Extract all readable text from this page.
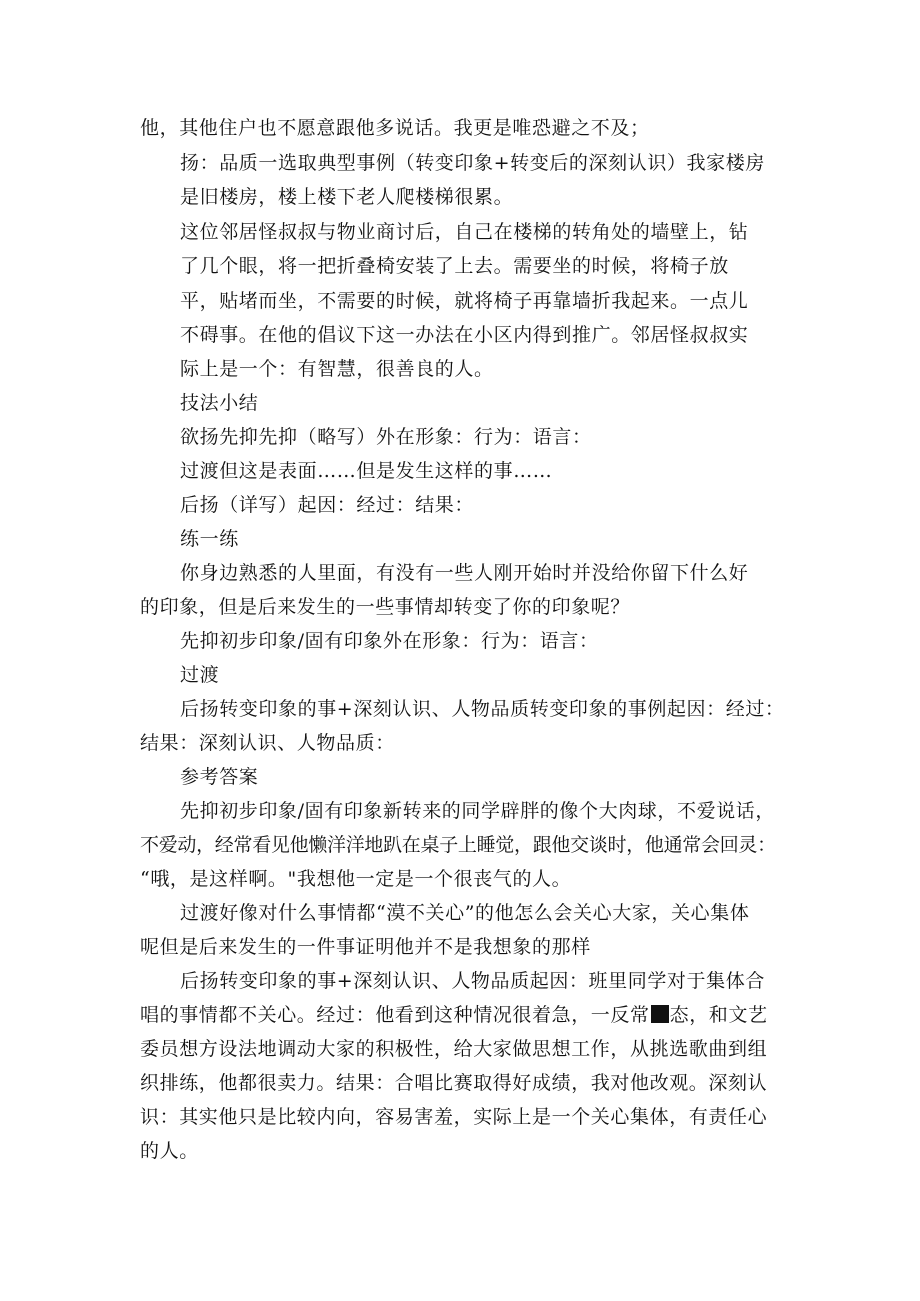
他，其他住户也不愿意跟他多说话。我更是唯恐避之不及；
扬：品质一选取典型事例（转变印象+转变后的深刻认识）我家楼房
是旧楼房，楼上楼下老人爬楼梯很累。
这位邻居怪叔叔与物业商讨后，自己在楼梯的转角处的墙壁上，钻
了几个眼，将一把折叠椅安装了上去。需要坐的时候，将椅子放
平，贴堵而坐，不需要的时候，就将椅子再靠墙折我起来。一点儿
不碍事。在他的倡议下这一办法在小区内得到推广。邻居怪叔叔实
际上是一个：有智慧，很善良的人。
技法小结
欲扬先抑先抑（略写）外在形象：行为：语言：
过渡但这是表面……但是发生这样的事……
后扬（详写）起因：经过：结果：
练一练
你身边熟悉的人里面，有没有一些人刚开始时并没给你留下什么好
的印象，但是后来发生的一些事情却转变了你的印象呢？
先抑初步印象/固有印象外在形象：行为：语言：
过渡
后扬转变印象的事+深刻认识、人物品质转变印象的事例起因：经过：
结果：深刻认识、人物品质：
参考答案
先抑初步印象/固有印象新转来的同学辟胖的像个大肉球，不爱说话，
不爱动，经常看见他懒洋洋地趴在桌子上睡觉，跟他交谈时，他通常会回灵：
“哦，是这样啊。"我想他一定是一个很丧气的人。
过渡好像对什么事情都“漠不关心”的他怎么会关心大家，关心集体
呢但是后来发生的一件事证明他并不是我想象的那样
后扬转变印象的事+深刻认识、人物品质起因：班里同学对于集体合
唱的事情都不关心。经过：他看到这种情况很着急，一反常 态，和文艺
委员想方设法地调动大家的积极性，给大家做思想工作，从挑选歌曲到组
织排练，他都很卖力。结果：合唱比赛取得好成绩，我对他改观。深刻认
识：其实他只是比较内向，容易害羞，实际上是一个关心集体，有责任心
的人。
